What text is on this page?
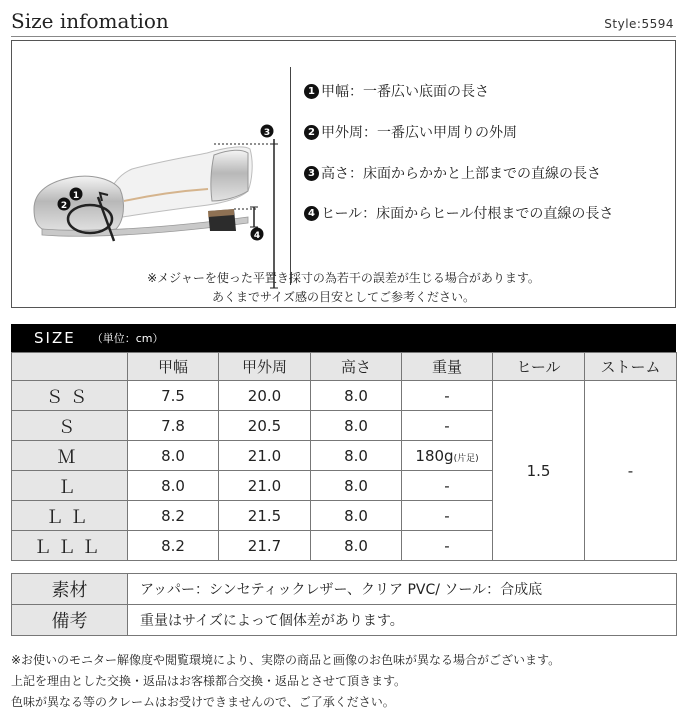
Size infomation	Style:5594
1
2
3
4
1 甲幅：一番広い底面の長さ
2 甲外周：一番広い甲周りの外周
3 高さ：床面からかかと上部までの直線の長さ
4 ヒール：床面からヒール付根までの直線の長さ
※メジャーを使った平置き採寸の為若干の誤差が生じる場合があります。
あくまでサイズ感の目安としてご参考ください。
SIZE （単位：cm）
	甲幅	甲外周	高さ	重量	ヒール	ストーム
ＳＳ	7.5	20.0	8.0	-	1.5	-
Ｓ	7.8	20.5	8.0	-		
Ｍ	8.0	21.0	8.0	180g(片足)		
Ｌ	8.0	21.0	8.0	-		
ＬＬ	8.2	21.5	8.0	-		
ＬＬＬ	8.2	21.7	8.0	-		
素材	アッパー：シンセティックレザー、クリア PVC/ ソール：合成底
備考	重量はサイズによって個体差があります。
※お使いのモニター解像度や閲覧環境により、実際の商品と画像のお色味が異なる場合がございます。
上記を理由とした交換・返品はお客様都合交換・返品とさせて頂きます。
色味が異なる等のクレームはお受けできませんので、ご了承ください。
